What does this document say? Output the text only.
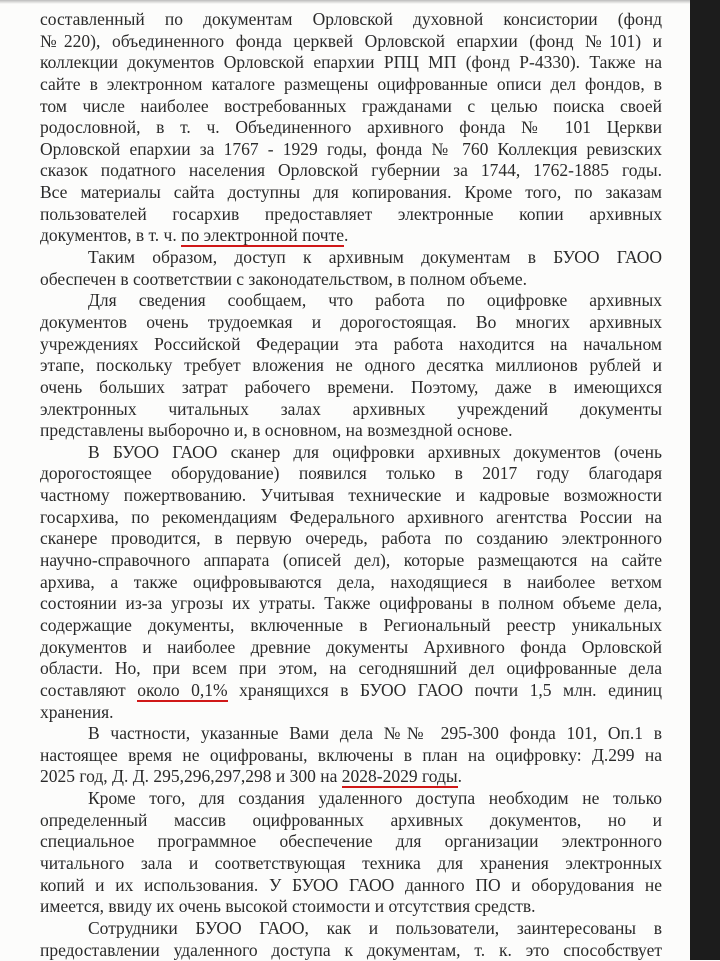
составленный по документам Орловской духовной консистории (фонд
№220), объединенного фонда церквей Орловской епархии (фонд №101) и
коллекции документов Орловской епархии РПЦ МП (фонд Р-4330). Также на
сайте в электронном каталоге размещены оцифрованные описи дел фондов, в
том числе наиболее востребованных гражданами с целью поиска своей
родословной, в т. ч. Объединенного архивного фонда № 101 Церкви
Орловской епархии за 1767 - 1929 годы, фонда № 760 Коллекция ревизских
сказок податного населения Орловской губернии за 1744, 1762-1885 годы.
Все материалы сайта доступны для копирования. Кроме того, по заказам
пользователей госархив предоставляет электронные копии архивных
документов, в т. ч. по электронной почте.
Таким образом, доступ к архивным документам в БУОО ГАОО
обеспечен в соответствии с законодательством, в полном объеме.
Для сведения сообщаем, что работа по оцифровке архивных
документов очень трудоемкая и дорогостоящая. Во многих архивных
учреждениях Российской Федерации эта работа находится на начальном
этапе, поскольку требует вложения не одного десятка миллионов рублей и
очень больших затрат рабочего времени. Поэтому, даже в имеющихся
электронных читальных залах архивных учреждений документы
представлены выборочно и, в основном, на возмездной основе.
В БУОО ГАОО сканер для оцифровки архивных документов (очень
дорогостоящее оборудование) появился только в 2017 году благодаря
частному пожертвованию. Учитывая технические и кадровые возможности
госархива, по рекомендациям Федерального архивного агентства России на
сканере проводится, в первую очередь, работа по созданию электронного
научно-справочного аппарата (описей дел), которые размещаются на сайте
архива, а также оцифровываются дела, находящиеся в наиболее ветхом
состоянии из-за угрозы их утраты. Также оцифрованы в полном объеме дела,
содержащие документы, включенные в Региональный реестр уникальных
документов и наиболее древние документы Архивного фонда Орловской
области. Но, при всем при этом, на сегодняшний дел оцифрованные дела
составляют около 0,1% хранящихся в БУОО ГАОО почти 1,5 млн. единиц
хранения.
В частности, указанные Вами дела №№ 295-300 фонда 101, Оп.1 в
настоящее время не оцифрованы, включены в план на оцифровку: Д.299 на
2025 год, Д. Д. 295,296,297,298 и 300 на 2028-2029 годы.
Кроме того, для создания удаленного доступа необходим не только
определенный массив оцифрованных архивных документов, но и
специальное программное обеспечение для организации электронного
читального зала и соответствующая техника для хранения электронных
копий и их использования. У БУОО ГАОО данного ПО и оборудования не
имеется, ввиду их очень высокой стоимости и отсутствия средств.
Сотрудники БУОО ГАОО, как и пользователи, заинтересованы в
предоставлении удаленного доступа к документам, т. к. это способствует
